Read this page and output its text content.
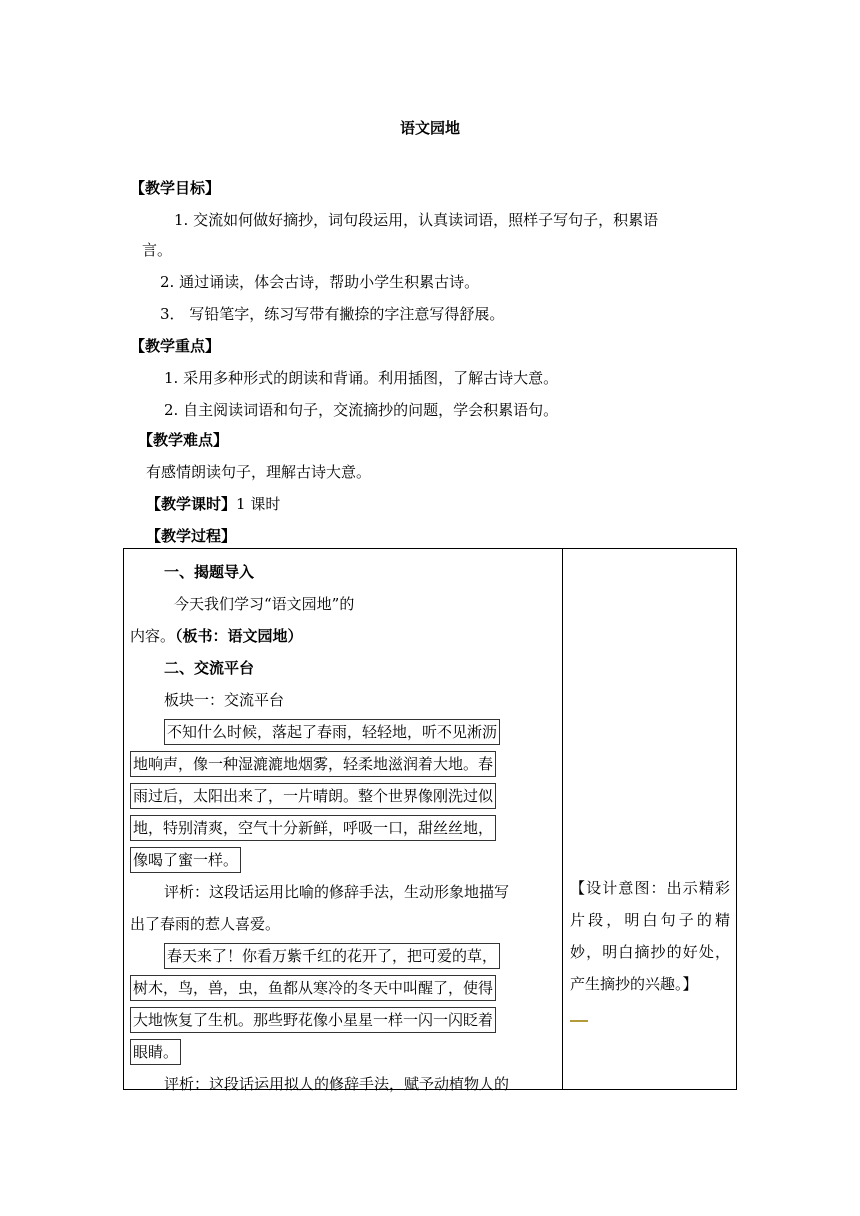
语文园地
【教学目标】
1. 交流如何做好摘抄，词句段运用，认真读词语，照样子写句子，积累语
言。
2. 通过诵读，体会古诗，帮助小学生积累古诗。
3． 写铅笔字，练习写带有撇捺的字注意写得舒展。
【教学重点】
1. 采用多种形式的朗读和背诵。利用插图，了解古诗大意。
2. 自主阅读词语和句子，交流摘抄的问题，学会积累语句。
【教学难点】
有感情朗读句子，理解古诗大意。
【教学课时】1 课时
【教学过程】
一、揭题导入
今天我们学习“语文园地”的
内容。（板书：语文园地）
二、交流平台
板块一：交流平台
不知什么时候，落起了春雨，轻轻地，听不见淅沥
地响声，像一种湿漉漉地烟雾，轻柔地滋润着大地。春
雨过后，太阳出来了，一片晴朗。整个世界像刚洗过似
地，特别清爽，空气十分新鲜，呼吸一口，甜丝丝地，
像喝了蜜一样。
评析：这段话运用比喻的修辞手法，生动形象地描写
出了春雨的惹人喜爱。
春天来了！你看万紫千红的花开了，把可爱的草，
树木，鸟，兽，虫，鱼都从寒冷的冬天中叫醒了，使得
大地恢复了生机。那些野花像小星星一样一闪一闪眨着
眼睛。
评析：这段话运用拟人的修辞手法，赋予动植物人的
【设计意图：出示精彩片段，明白句子的精妙，明白摘抄的好处，产生摘抄的兴趣。】
